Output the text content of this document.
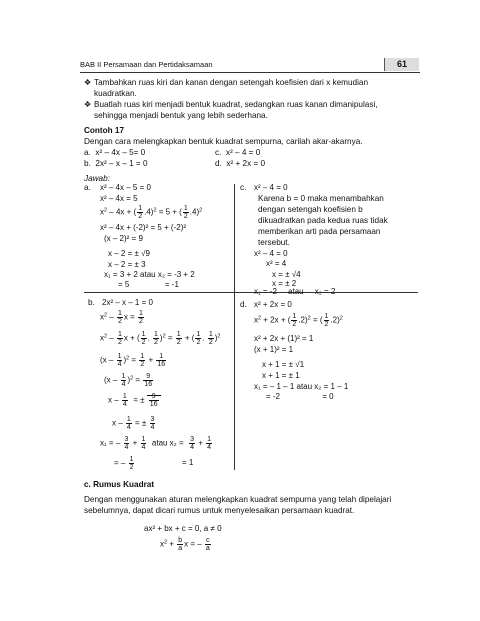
BAB II Persamaan dan Pertidaksamaan	61
❖ Tambahkan ruas kiri dan kanan dengan setengah koefisien dari x kemudian
kuadratkan.
❖ Buatlah ruas kiri menjadi bentuk kuadrat, sedangkan ruas kanan dimanipulasi,
sehingga menjadi bentuk yang lebih sederhana.
Contoh 17
Dengan cara melengkapkan bentuk kuadrat sempurna, carilah akar-akarnya.
a.  x² – 4x – 5= 0	c.  x² – 4 = 0
b.  2x² – x – 1 = 0	d.  x² + 2x = 0
Jawab:
a. x² – 4x – 5 = 0
x² – 4x = 5
$x^2 - 4x$ + ( $\frac{1}{2} .4)^2 = 5$ + ( $\frac{1}{2} .4)^2$
x² – 4x + (-2)² = 5 + (-2)²
(x – 2)² = 9
x – 2 = ± √9
x – 2 = ± 3
x₁ = 3 + 2 atau x₂ = -3 + 2
= 5                = -1
c. x² – 4 = 0
Karena b = 0 maka menambahkan
dengan setengah koefisien b
dikuadratkan pada kedua ruas tidak
memberikan arti pada persamaan
tersebut.
x² – 4 = 0
x² = 4
x = ± √4
x = ± 2
x₁ = -2     atau     x₂ = 2
b. 2x² – x – 1 = 0
$x^2 - \frac{1}{2}$ $x = \frac{1}{2}$
$x^2 - \frac{1}{2}$ x + ( $\frac{1}{2}$ . $\frac{1}{2} )^2 = \frac{1}{2}$ + ( $\frac{1}{2}$ . $\frac{1}{2} )^2$
$(x - \frac{1}{4} )^2 = \frac{1}{2} + \frac{1}{16}$
$(x - \frac{1}{4} )^2 = \frac{9}{16}$
x – $\frac{1}{4}$ = ± $\frac{9}{16}$
x – $\frac{1}{4}$ = ± $\frac{3}{4}$
x₁ = – $\frac{3}{4} + \frac{1}{4}$ atau $x_2 = \frac{3}{4} + \frac{1}{4}$
= – $\frac{1}{2}$	= 1
d. x² + 2x = 0
$x^2 + 2x$ + ( $\frac{1}{2} .2)^2$ = ( $\frac{1}{2} .2)^2$
x² + 2x + (1)² = 1
(x + 1)² = 1
x + 1 = ± √1
x + 1 = ± 1
x₁ = – 1 – 1 atau x₂ = 1 – 1
= -2                   = 0
c. Rumus Kuadrat
Dengan menggunakan aturan melengkapkan kuadrat sempurna yang telah dipelajari
sebelumnya, dapat dicari rumus untuk menyelesaikan persamaan kuadrat.
ax² + bx + c = 0, a ≠ 0
$x^2 + \frac{b}{a}$ x = – $\frac{c}{a}$
